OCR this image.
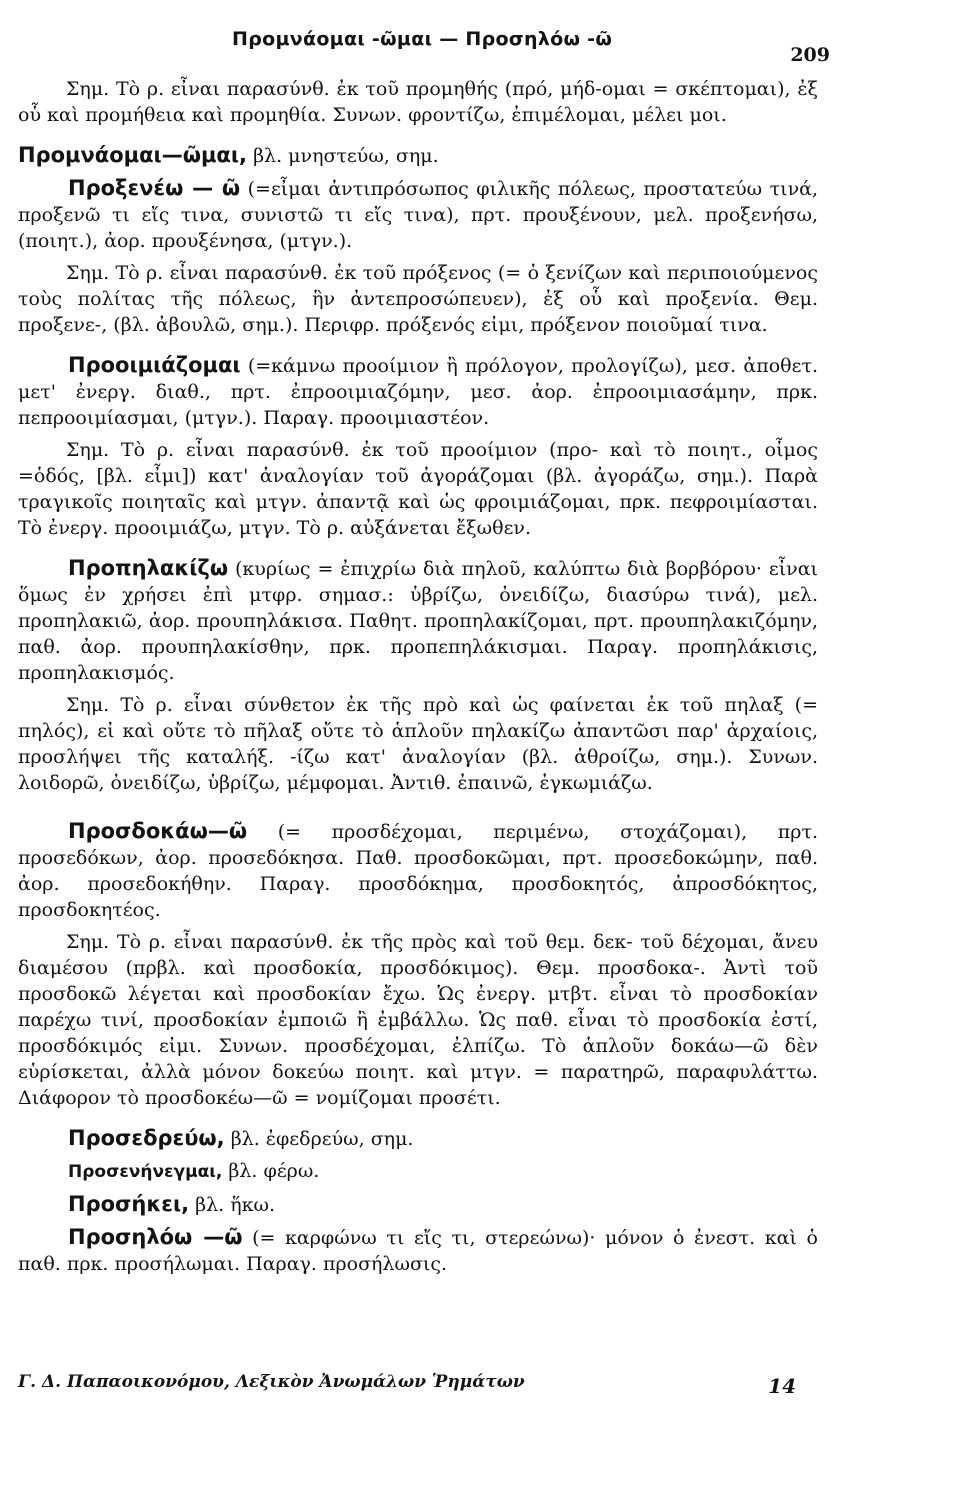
Προμνάομαι -ῶμαι — Προσηλόω -ῶ
209

Σημ. Τὸ ρ. εἶναι παρασύνθ. ἐκ τοῦ προμηθής (πρό, μήδ-ομαι = σκέπτομαι), ἐξ οὗ καὶ προμήθεια καὶ προμηθία. Συνων. φροντίζω, ἐπιμέλομαι, μέλει μοι.

Προμνάομαι—ῶμαι, βλ. μνηστεύω, σημ.

Προξενέω — ῶ (=εἶμαι ἀντιπρόσωπος φιλικῆς πόλεως, προστατεύω τινά, προξενῶ τι εἴς τινα, συνιστῶ τι εἴς τινα), πρτ. προυξένουν, μελ. προξενήσω, (ποιητ.), ἀορ. προυξένησα, (μτγν.).

Σημ. Τὸ ρ. εἶναι παρασύνθ. ἐκ τοῦ πρόξενος (= ὁ ξενίζων καὶ περιποιούμενος τοὺς πολίτας τῆς πόλεως, ἣν ἀντεπροσώπευεν), ἐξ οὗ καὶ προξενία. Θεμ. προξενε-, (βλ. ἀβουλῶ, σημ.). Περιφρ. πρόξενός εἰμι, πρόξενον ποιοῦμαί τινα.

Προοιμιάζομαι (=κάμνω προοίμιον ἢ πρόλογον, προλογίζω), μεσ. ἀποθετ. μετ' ἐνεργ. διαθ., πρτ. ἐπροοιμιαζόμην, μεσ. ἀορ. ἐπροοιμιασάμην, πρκ. πεπροοιμίασμαι, (μτγν.). Παραγ. προοιμιαστέον.

Σημ. Τὸ ρ. εἶναι παρασύνθ. ἐκ τοῦ προοίμιον (προ- καὶ τὸ ποιητ., οἶμος =ὁδός, [βλ. εἶμι]) κατ' ἀναλογίαν τοῦ ἀγοράζομαι (βλ. ἀγοράζω, σημ.). Παρὰ τραγικοῖς ποιηταῖς καὶ μτγν. ἀπαντᾷ καὶ ὡς φροιμιάζομαι, πρκ. πεφροιμίασται. Τὸ ἐνεργ. προοιμιάζω, μτγν. Τὸ ρ. αὐξάνεται ἔξωθεν.

Προπηλακίζω (κυρίως = ἐπιχρίω διὰ πηλοῦ, καλύπτω διὰ βορβόρου· εἶναι ὅμως ἐν χρήσει ἐπὶ μτφρ. σημασ.: ὑβρίζω, ὀνειδίζω, διασύρω τινά), μελ. προπηλακιῶ, ἀορ. προυπηλάκισα. Παθητ. προπηλακίζομαι, πρτ. προυπηλακιζόμην, παθ. ἀορ. προυπηλακίσθην, πρκ. προπεπηλάκισμαι. Παραγ. προπηλάκισις, προπηλακισμός.

Σημ. Τὸ ρ. εἶναι σύνθετον ἐκ τῆς πρὸ καὶ ὡς φαίνεται ἐκ τοῦ πηλαξ (= πηλός), εἰ καὶ οὔτε τὸ πῆλαξ οὔτε τὸ ἁπλοῦν πηλακίζω ἀπαντῶσι παρ' ἀρχαίοις, προσλήψει τῆς καταλήξ. -ίζω κατ' ἀναλογίαν (βλ. ἀθροίζω, σημ.). Συνων. λοιδορῶ, ὀνειδίζω, ὑβρίζω, μέμφομαι. Ἀντιθ. ἐπαινῶ, ἐγκωμιάζω.

Προσδοκάω—ῶ (= προσδέχομαι, περιμένω, στοχάζομαι), πρτ. προσεδόκων, ἀορ. προσεδόκησα. Παθ. προσδοκῶμαι, πρτ. προσεδοκώμην, παθ. ἀορ. προσεδοκήθην. Παραγ. προσδόκημα, προσδοκητός, ἀπροσδόκητος, προσδοκητέος.

Σημ. Τὸ ρ. εἶναι παρασύνθ. ἐκ τῆς πρὸς καὶ τοῦ θεμ. δεκ- τοῦ δέχομαι, ἄνευ διαμέσου (πρβλ. καὶ προσδοκία, προσδόκιμος). Θεμ. προσδοκα-. Ἀντὶ τοῦ προσδοκῶ λέγεται καὶ προσδοκίαν ἔχω. Ὡς ἐνεργ. μτβτ. εἶναι τὸ προσδοκίαν παρέχω τινί, προσδοκίαν ἐμποιῶ ἢ ἐμβάλλω. Ὡς παθ. εἶναι τὸ προσδοκία ἐστί, προσδόκιμός εἰμι. Συνων. προσδέχομαι, ἐλπίζω. Τὸ ἁπλοῦν δοκάω—ῶ δὲν εὑρίσκεται, ἀλλὰ μόνον δοκεύω ποιητ. καὶ μτγν. = παρατηρῶ, παραφυλάττω. Διάφορον τὸ προσδοκέω—ῶ = νομίζομαι προσέτι.

Προσεδρεύω, βλ. ἐφεδρεύω, σημ.

Προσενήνεγμαι, βλ. φέρω.

Προσήκει, βλ. ἥκω.

Προσηλόω —ῶ (= καρφώνω τι εἴς τι, στερεώνω)· μόνον ὁ ἐνεστ. καὶ ὁ παθ. πρκ. προσήλωμαι. Παραγ. προσήλωσις.

Γ. Δ. Παπαοικονόμου, Λεξικὸν Ἀνωμάλων Ῥημάτων	14
